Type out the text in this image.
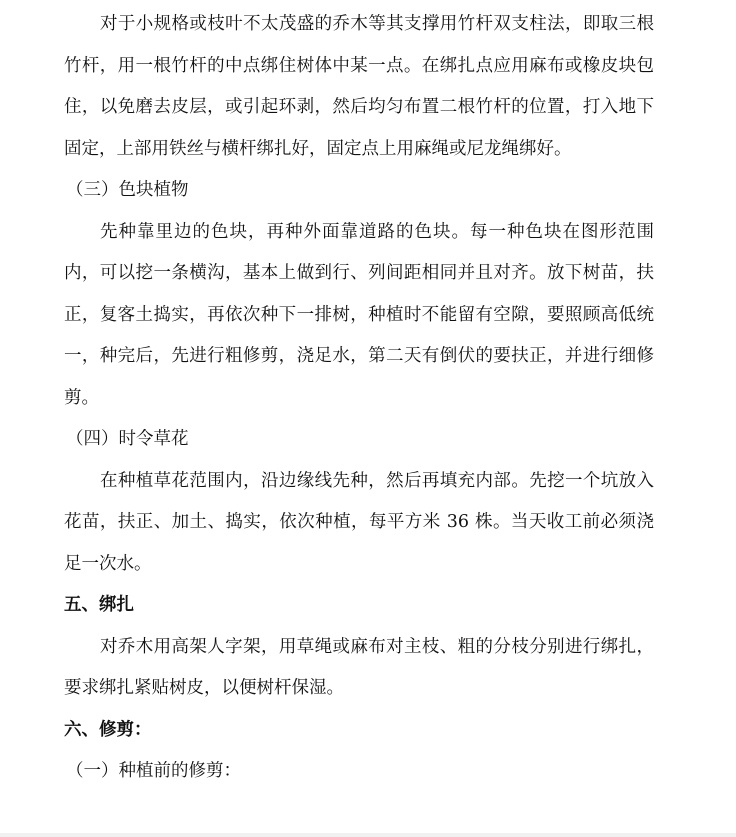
对于小规格或枝叶不太茂盛的乔木等其支撑用竹杆双支柱法，即取三根竹杆，用一根竹杆的中点绑住树体中某一点。在绑扎点应用麻布或橡皮块包住，以免磨去皮层，或引起环剥，然后均匀布置二根竹杆的位置，打入地下固定，上部用铁丝与横杆绑扎好，固定点上用麻绳或尼龙绳绑好。

（三）色块植物

先种靠里边的色块，再种外面靠道路的色块。每一种色块在图形范围内，可以挖一条横沟，基本上做到行、列间距相同并且对齐。放下树苗，扶正，复客土捣实，再依次种下一排树，种植时不能留有空隙，要照顾高低统一，种完后，先进行粗修剪，浇足水，第二天有倒伏的要扶正，并进行细修剪。

（四）时令草花

在种植草花范围内，沿边缘线先种，然后再填充内部。先挖一个坑放入花苗，扶正、加土、捣实，依次种植，每平方米 36 株。当天收工前必须浇足一次水。

五、绑扎

对乔木用高架人字架，用草绳或麻布对主枝、粗的分枝分别进行绑扎，要求绑扎紧贴树皮，以便树杆保湿。

六、修剪：

（一）种植前的修剪：
